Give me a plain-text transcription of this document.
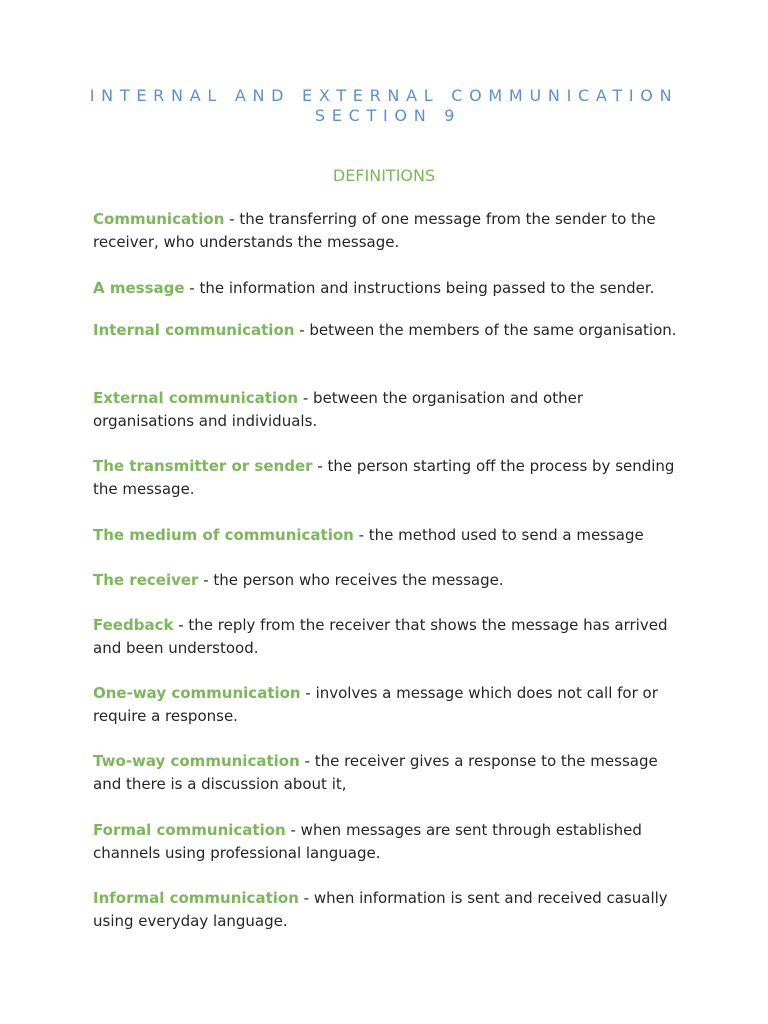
INTERNAL AND EXTERNAL COMMUNICATION
SECTION 9
DEFINITIONS

Communication - the transferring of one message from the sender to the receiver, who understands the message.

A message - the information and instructions being passed to the sender.

Internal communication - between the members of the same organisation.

External communication - between the organisation and other organisations and individuals.

The transmitter or sender - the person starting off the process by sending the message.

The medium of communication - the method used to send a message

The receiver - the person who receives the message.

Feedback - the reply from the receiver that shows the message has arrived and been understood.

One-way communication - involves a message which does not call for or require a response.

Two-way communication - the receiver gives a response to the message and there is a discussion about it,

Formal communication - when messages are sent through established channels using professional language.

Informal communication - when information is sent and received casually using everyday language.
